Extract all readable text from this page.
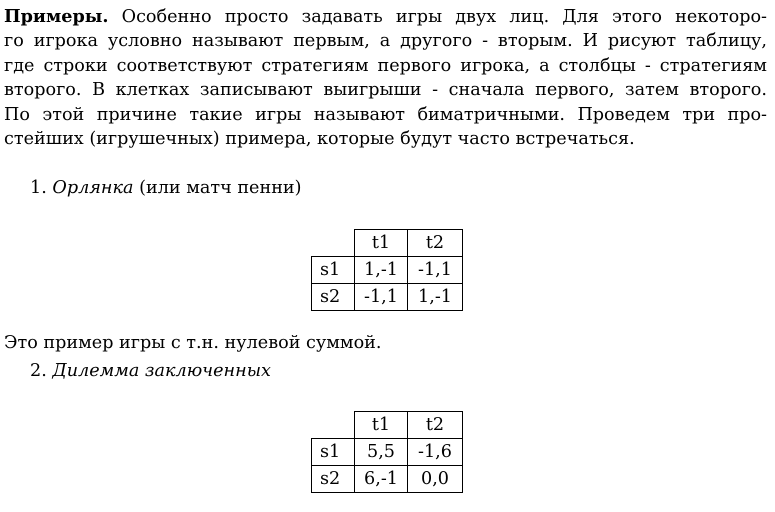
Примеры. Особенно просто задавать игры двух лиц. Для этого некоторо-
го игрока условно называют первым, а другого - вторым. И рисуют таблицу,
где строки соответствуют стратегиям первого игрока, а столбцы - стратегиям
второго. В клетках записывают выигрыши - сначала первого, затем второго.
По этой причине такие игры называют биматричными. Проведем три про-
стейших (игрушечных) примера, которые будут часто встречаться.
1. Орлянка (или матч пенни)
	t1	t2
s1	1,-1	-1,1
s2	-1,1	1,-1
Это пример игры с т.н. нулевой суммой.
2. Дилемма заключенных
	t1	t2
s1	5,5	-1,6
s2	6,-1	0,0
